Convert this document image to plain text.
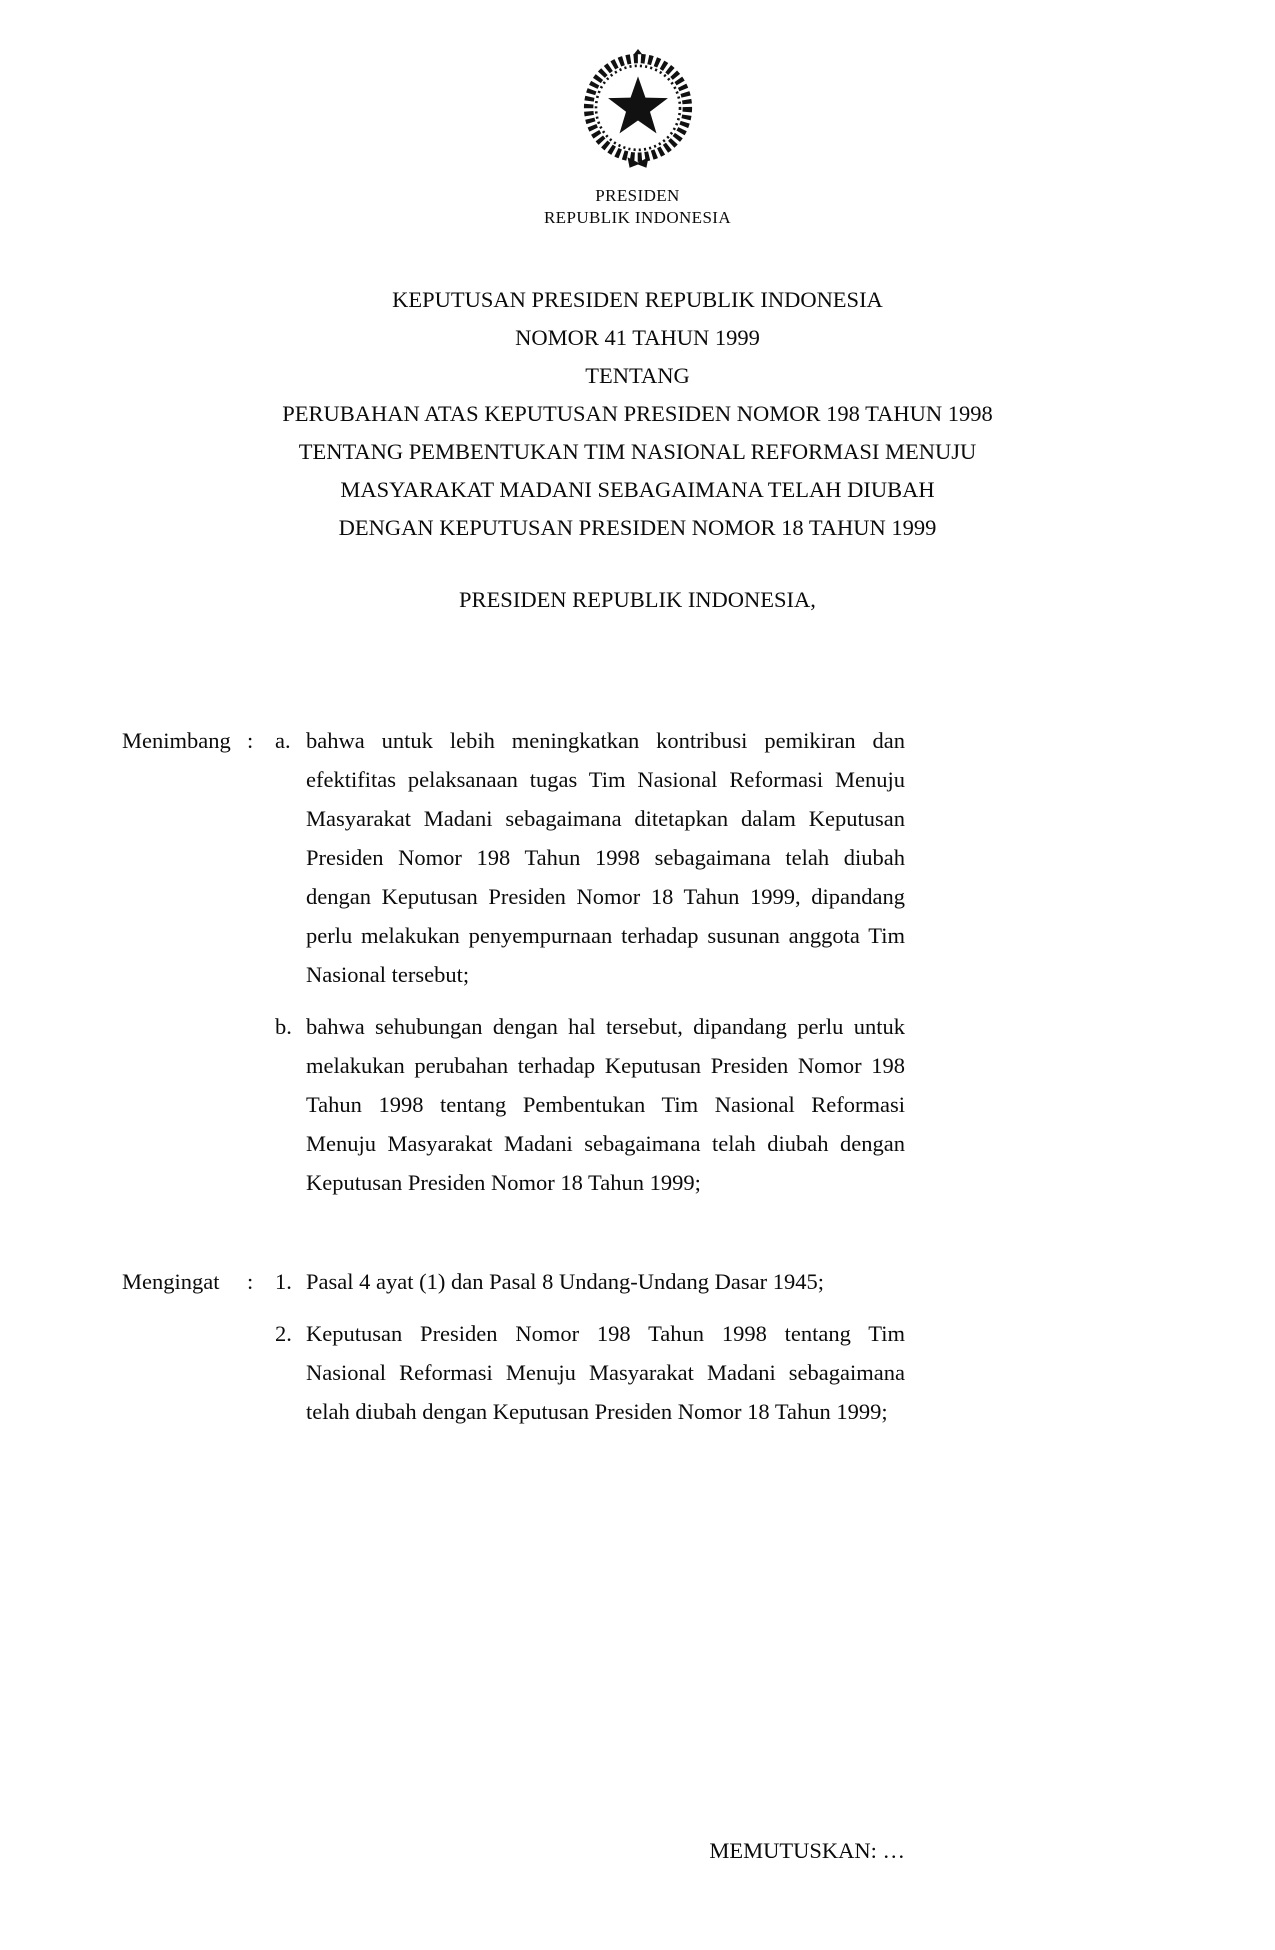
PRESIDEN
REPUBLIK INDONESIA
KEPUTUSAN PRESIDEN REPUBLIK INDONESIA
NOMOR 41 TAHUN 1999
TENTANG
PERUBAHAN ATAS KEPUTUSAN PRESIDEN NOMOR 198 TAHUN 1998
TENTANG PEMBENTUKAN TIM NASIONAL REFORMASI MENUJU
MASYARAKAT MADANI SEBAGAIMANA TELAH DIUBAH
DENGAN KEPUTUSAN PRESIDEN NOMOR 18 TAHUN 1999
PRESIDEN REPUBLIK INDONESIA,
Menimbang : a. bahwa untuk lebih meningkatkan kontribusi pemikiran dan efektifitas pelaksanaan tugas Tim Nasional Reformasi Menuju Masyarakat Madani sebagaimana ditetapkan dalam Keputusan Presiden Nomor 198 Tahun 1998 sebagaimana telah diubah dengan Keputusan Presiden Nomor 18 Tahun 1999, dipandang perlu melakukan penyempurnaan terhadap susunan anggota Tim Nasional tersebut;
b. bahwa sehubungan dengan hal tersebut, dipandang perlu untuk melakukan perubahan terhadap Keputusan Presiden Nomor 198 Tahun 1998 tentang Pembentukan Tim Nasional Reformasi Menuju Masyarakat Madani sebagaimana telah diubah dengan Keputusan Presiden Nomor 18 Tahun 1999;
Mengingat	: 1. Pasal 4 ayat (1) dan Pasal 8 Undang-Undang Dasar 1945;
2. Keputusan Presiden Nomor 198 Tahun 1998 tentang Tim Nasional Reformasi Menuju Masyarakat Madani sebagaimana telah diubah dengan Keputusan Presiden Nomor 18 Tahun 1999;
MEMUTUSKAN: …
